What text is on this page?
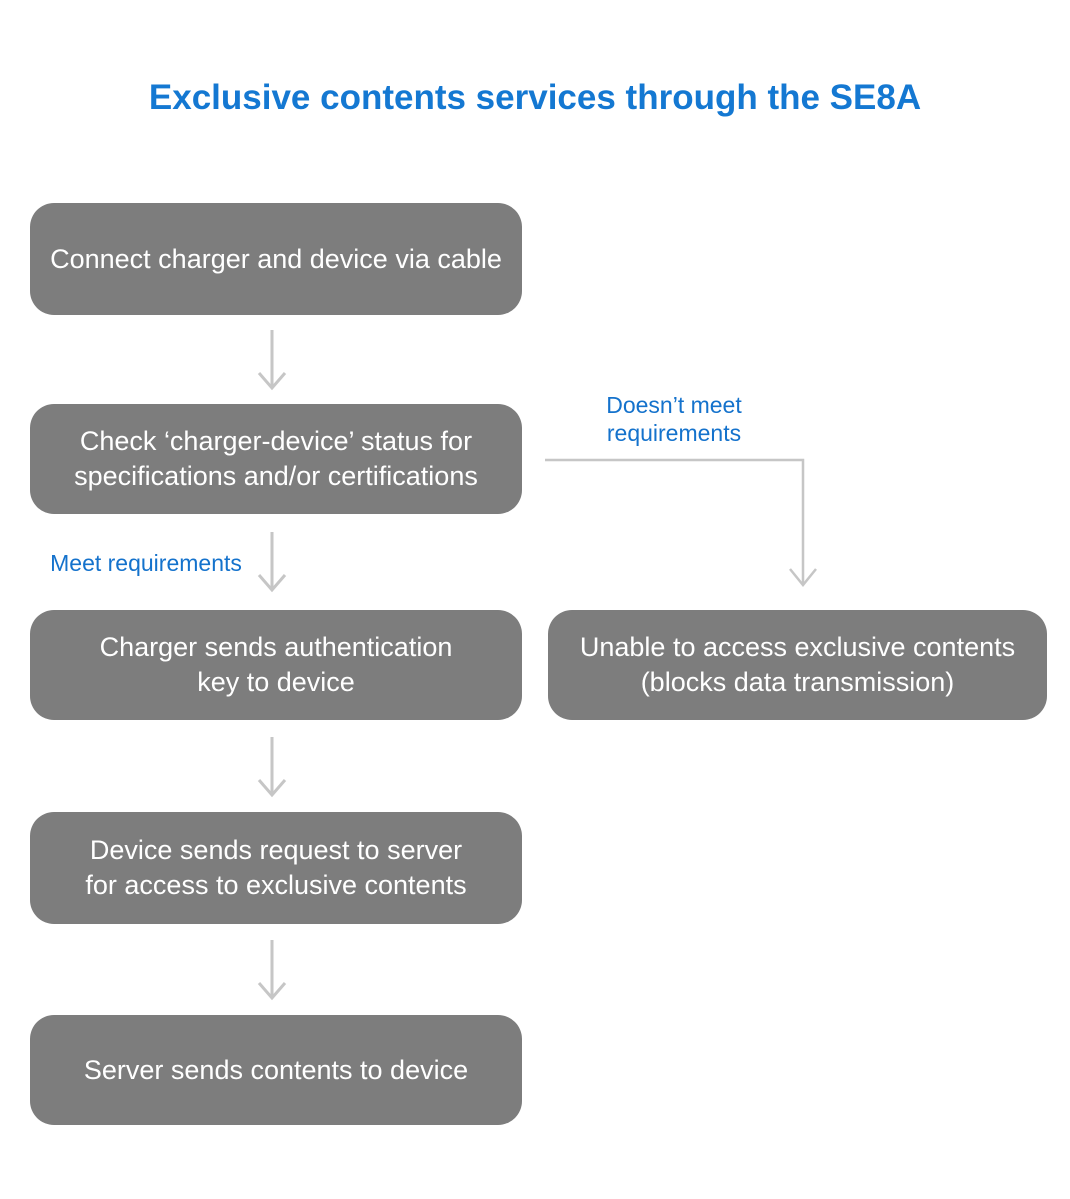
Exclusive contents services through the SE8A
Connect charger and device via cable
Check ‘charger-device’ status for
specifications and/or certifications
Doesn’t meet
requirements
Meet requirements
Charger sends authentication
key to device
Unable to access exclusive contents
(blocks data transmission)
Device sends request to server
for access to exclusive contents
Server sends contents to device
